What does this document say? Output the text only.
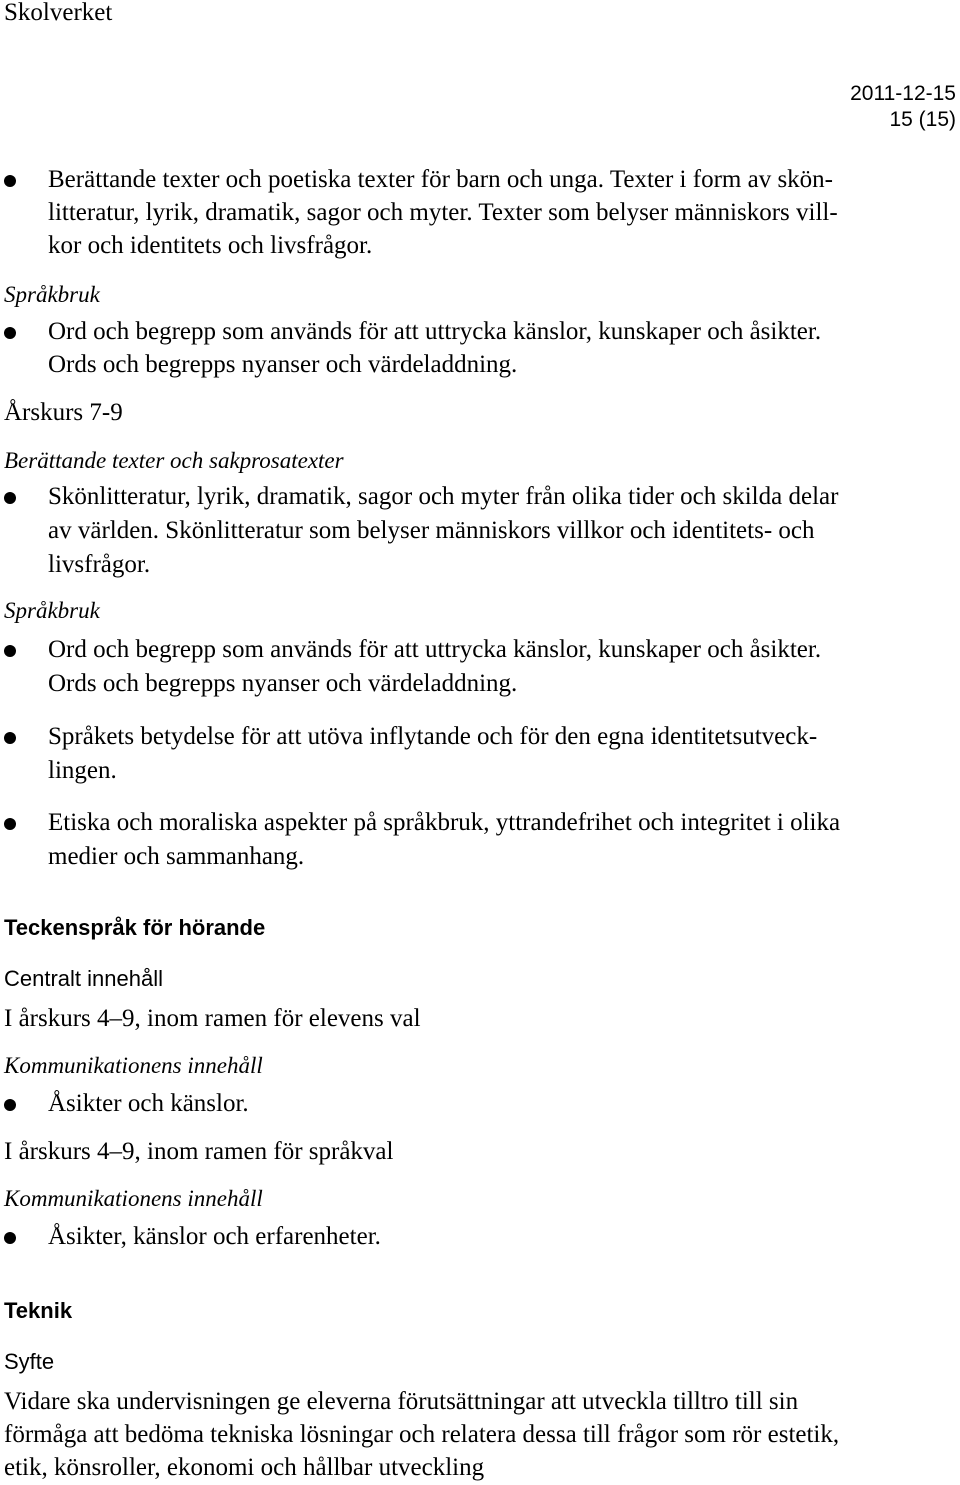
Skolverket
2011-12-15
15 (15)
Berättande texter och poetiska texter för barn och unga. Texter i form av skön-
litteratur, lyrik, dramatik, sagor och myter. Texter som belyser människors vill-
kor och identitets och livsfrågor.
Språkbruk
Ord och begrepp som används för att uttrycka känslor, kunskaper och åsikter.
Ords och begrepps nyanser och värdeladdning.
Årskurs 7-9
Berättande texter och sakprosatexter
Skönlitteratur, lyrik, dramatik, sagor och myter från olika tider och skilda delar
av världen. Skönlitteratur som belyser människors villkor och identitets- och
livsfrågor.
Språkbruk
Ord och begrepp som används för att uttrycka känslor, kunskaper och åsikter.
Ords och begrepps nyanser och värdeladdning.
Språkets betydelse för att utöva inflytande och för den egna identitetsutveck-
lingen.
Etiska och moraliska aspekter på språkbruk, yttrandefrihet och integritet i olika
medier och sammanhang.
Teckenspråk för hörande
Centralt innehåll
I årskurs 4–9, inom ramen för elevens val
Kommunikationens innehåll
Åsikter och känslor.
I årskurs 4–9, inom ramen för språkval
Kommunikationens innehåll
Åsikter, känslor och erfarenheter.
Teknik
Syfte
Vidare ska undervisningen ge eleverna förutsättningar att utveckla tilltro till sin
förmåga att bedöma tekniska lösningar och relatera dessa till frågor som rör estetik,
etik, könsroller, ekonomi och hållbar utveckling
